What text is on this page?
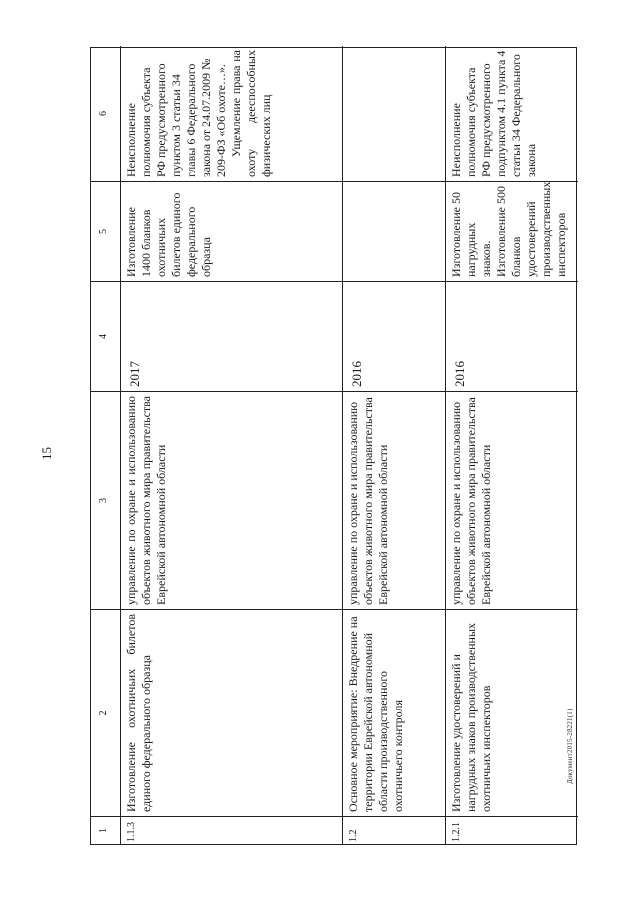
15
Документ2015-28221(1)
1
2
3
4
5
6
1.1.3
Изготовление охотничьих билетов единого федерального образца
управление по охране и использованию объектов животного мира правительства Еврейской автономной области
2017
Изготовление 1400 бланков охотничьих билетов единого федерального образца
Неисполнение полномочия субъекта РФ предусмотренного пунктом 3 статьи 34 главы 6 Федерального закона от 24.07.2009 № 209-ФЗ «Об охоте…». Ущемление права на охоту дееспособных физических лиц
1.2
Основное мероприятие: Внедрение на территории Еврейской автономной области производственного охотничьего контроля
управление по охране и использованию объектов животного мира правительства Еврейской автономной области
2016
1.2.1
Изготовление удостоверений и нагрудных знаков производственных охотничьих инспекторов
управление по охране и использованию объектов животного мира правительства Еврейской автономной области
2016
Изготовление 50 нагрудных знаков. Изготовление 500 бланков удостоверений производственных инспекторов
Неисполнение полномочия субъекта РФ предусмотренного подпунктом 4.1 пункта 4 статьи 34 Федерального закона
